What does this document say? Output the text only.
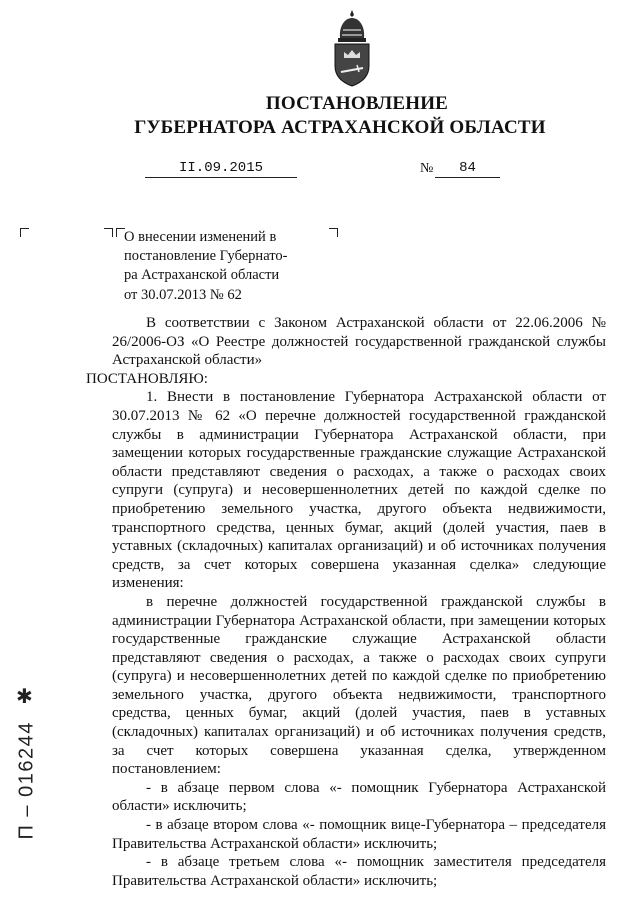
ПОСТАНОВЛЕНИЕ
ГУБЕРНАТОРА АСТРАХАНСКОЙ ОБЛАСТИ
II.09.2015	№	84
О внесении изменений в
постановление Губернато-
ра Астраханской области
от 30.07.2013 № 62

В соответствии с Законом Астраханской области от 22.06.2006 № 26/2006-ОЗ «О Реестре должностей государственной гражданской службы Астраханской области»

ПОСТАНОВЛЯЮ:

1. Внести в постановление Губернатора Астраханской области от 30.07.2013 № 62 «О перечне должностей государственной гражданской службы в администрации Губернатора Астраханской области, при замещении которых государственные гражданские служащие Астраханской области представляют сведения о расходах, а также о расходах своих супруги (супруга) и несовершеннолетних детей по каждой сделке по приобретению земельного участка, другого объекта недвижимости, транспортного средства, ценных бумаг, акций (долей участия, паев в уставных (складочных) капиталах организаций) и об источниках получения средств, за счет которых совершена указанная сделка» следующие изменения:

в перечне должностей государственной гражданской службы в администрации Губернатора Астраханской области, при замещении которых государственные гражданские служащие Астраханской области представляют сведения о расходах, а также о расходах своих супруги (супруга) и несовершеннолетних детей по каждой сделке по приобретению земельного участка, другого объекта недвижимости, транспортного средства, ценных бумаг, акций (долей участия, паев в уставных (складочных) капиталах организаций) и об источниках получения средств, за счет которых совершена указанная сделка, утвержденном постановлением:

- в абзаце первом слова «- помощник Губернатора Астраханской области» исключить;

- в абзаце втором слова «- помощник вице-Губернатора – председателя Правительства Астраханской области» исключить;

- в абзаце третьем слова «- помощник заместителя председателя Правительства Астраханской области» исключить;

✱
П – 016244
